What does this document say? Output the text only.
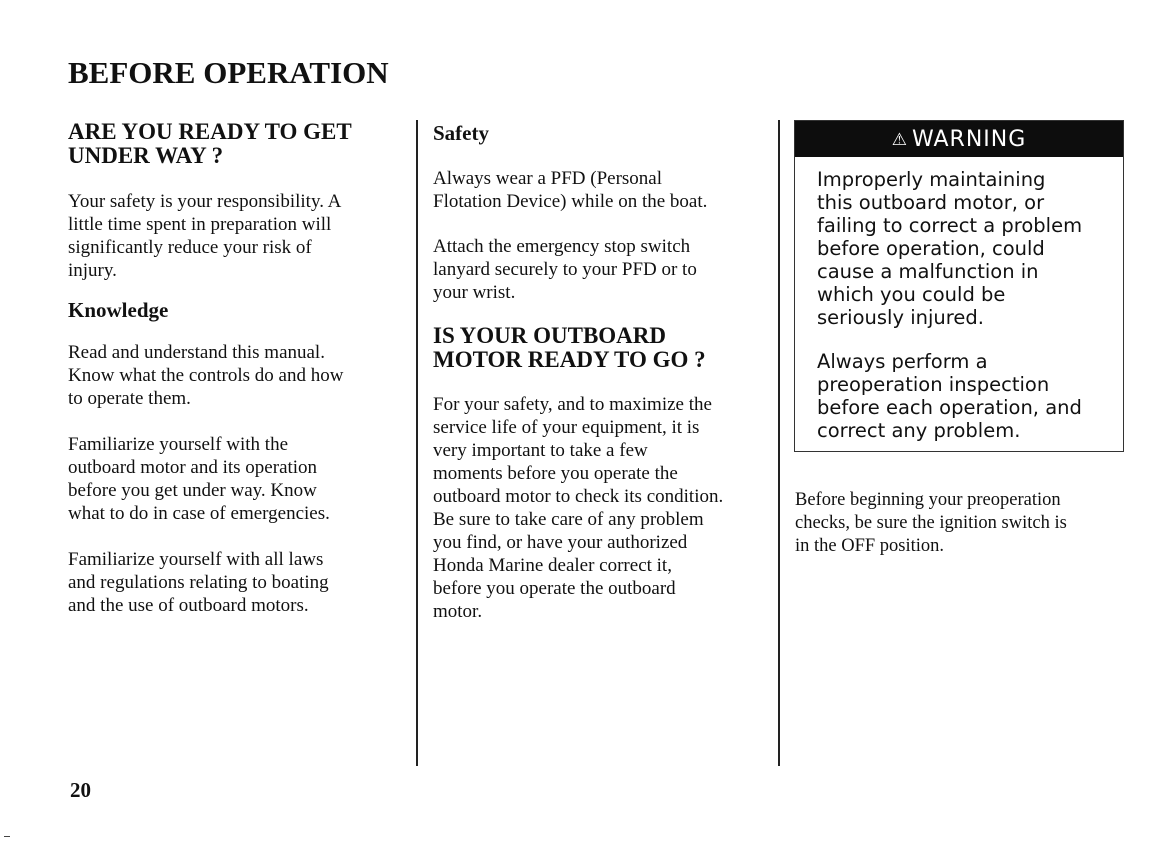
BEFORE OPERATION
ARE YOU READY TO GET
UNDER WAY ?

Your safety is your responsibility. A
little time spent in preparation will
significantly reduce your risk of
injury.

Knowledge

Read and understand this manual.
Know what the controls do and how
to operate them.

Familiarize yourself with the
outboard motor and its operation
before you get under way. Know
what to do in case of emergencies.

Familiarize yourself with all laws
and regulations relating to boating
and the use of outboard motors.

Safety

Always wear a PFD (Personal
Flotation Device) while on the boat.

Attach the emergency stop switch
lanyard securely to your PFD or to
your wrist.

IS YOUR OUTBOARD
MOTOR READY TO GO ?

For your safety, and to maximize the
service life of your equipment, it is
very important to take a few
moments before you operate the
outboard motor to check its condition.
Be sure to take care of any problem
you find, or have your authorized
Honda Marine dealer correct it,
before you operate the outboard
motor.

⚠ WARNING

Improperly maintaining
this outboard motor, or
failing to correct a problem
before operation, could
cause a malfunction in
which you could be
seriously injured.

Always perform a
preoperation inspection
before each operation, and
correct any problem.

Before beginning your preoperation
checks, be sure the ignition switch is
in the OFF position.

20
